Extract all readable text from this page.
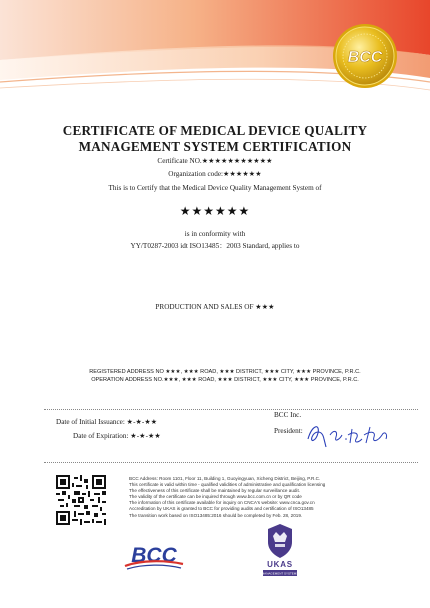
BCC
CERTIFICATE OF MEDICAL DEVICE QUALITY
MANAGEMENT SYSTEM CERTIFICATION
Certificate NO.★★★★★★★★★★★
Organization code:★★★★★★
This is to Certify that the Medical Device Quality Management System of
★★★★★★
is in conformity with
YY/T0287-2003 idt ISO13485：2003 Standard, applies to
PRODUCTION AND SALES OF ★★★
REGISTERED ADDRESS NO ★★★, ★★★ ROAD, ★★★ DISTRICT, ★★★ CITY, ★★★ PROVINCE, P.R.C.
OPERATION ADDRESS NO.★★★, ★★★ ROAD, ★★★ DISTRICT, ★★★ CITY, ★★★ PROVINCE, P.R.C.
Date of Initial Issuance: ★-★-★★
Date of Expiration: ★-★-★★
BCC Inc.
President:
BCC Address: Room 1101, Floor 11, Building 1, Guoyingyuan, Xicheng District, Beijing, P.R.C.
This certificate is valid within time - qualified validities of administrative and qualification licensing
The effectiveness of this certificate shall be maintained by regular surveillance audit.
The validity of the certificate can be inquired through www.bcc.com.cn or by QR code
The information of this certificate available for inquiry on CNCA's website: www.cnca.gov.cn
Accreditation by UKAS is granted to BCC for providing audits and certification of ISO13485
The transition work based on ISO13485:2016 should be completed by Feb. 28, 2019.
BCC	UKAS
MANAGEMENT SYSTEMS
